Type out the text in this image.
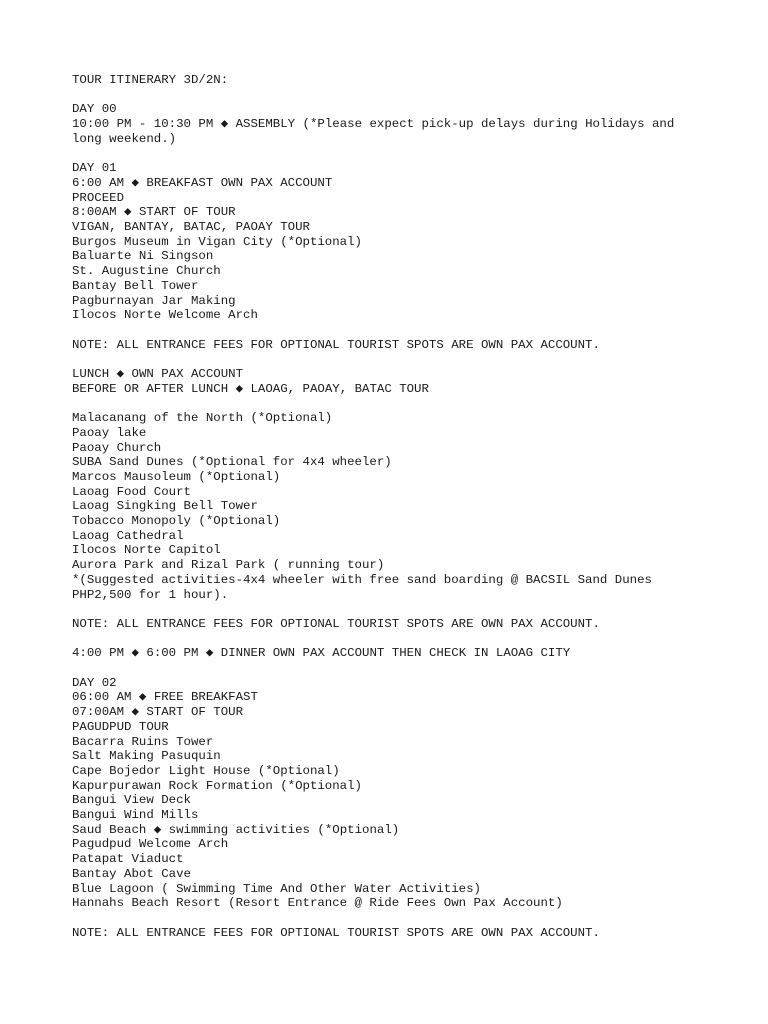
TOUR ITINERARY 3D/2N:
DAY 00
10:00 PM - 10:30 PM ◆ ASSEMBLY (*Please expect pick-up delays during Holidays and
long weekend.)
DAY 01
6:00 AM ◆ BREAKFAST OWN PAX ACCOUNT
PROCEED
8:00AM ◆ START OF TOUR
VIGAN, BANTAY, BATAC, PAOAY TOUR
Burgos Museum in Vigan City (*Optional)
Baluarte Ni Singson
St. Augustine Church
Bantay Bell Tower
Pagburnayan Jar Making
Ilocos Norte Welcome Arch
NOTE: ALL ENTRANCE FEES FOR OPTIONAL TOURIST SPOTS ARE OWN PAX ACCOUNT.
LUNCH ◆ OWN PAX ACCOUNT
BEFORE OR AFTER LUNCH ◆ LAOAG, PAOAY, BATAC TOUR
Malacanang of the North (*Optional)
Paoay lake
Paoay Church
SUBA Sand Dunes (*Optional for 4x4 wheeler)
Marcos Mausoleum (*Optional)
Laoag Food Court
Laoag Singking Bell Tower
Tobacco Monopoly (*Optional)
Laoag Cathedral
Ilocos Norte Capitol
Aurora Park and Rizal Park ( running tour)
*(Suggested activities-4x4 wheeler with free sand boarding @ BACSIL Sand Dunes
PHP2,500 for 1 hour).
NOTE: ALL ENTRANCE FEES FOR OPTIONAL TOURIST SPOTS ARE OWN PAX ACCOUNT.
4:00 PM ◆ 6:00 PM ◆ DINNER OWN PAX ACCOUNT THEN CHECK IN LAOAG CITY
DAY 02
06:00 AM ◆ FREE BREAKFAST
07:00AM ◆ START OF TOUR
PAGUDPUD TOUR
Bacarra Ruins Tower
Salt Making Pasuquin
Cape Bojedor Light House (*Optional)
Kapurpurawan Rock Formation (*Optional)
Bangui View Deck
Bangui Wind Mills
Saud Beach ◆ swimming activities (*Optional)
Pagudpud Welcome Arch
Patapat Viaduct
Bantay Abot Cave
Blue Lagoon ( Swimming Time And Other Water Activities)
Hannahs Beach Resort (Resort Entrance @ Ride Fees Own Pax Account)
NOTE: ALL ENTRANCE FEES FOR OPTIONAL TOURIST SPOTS ARE OWN PAX ACCOUNT.
